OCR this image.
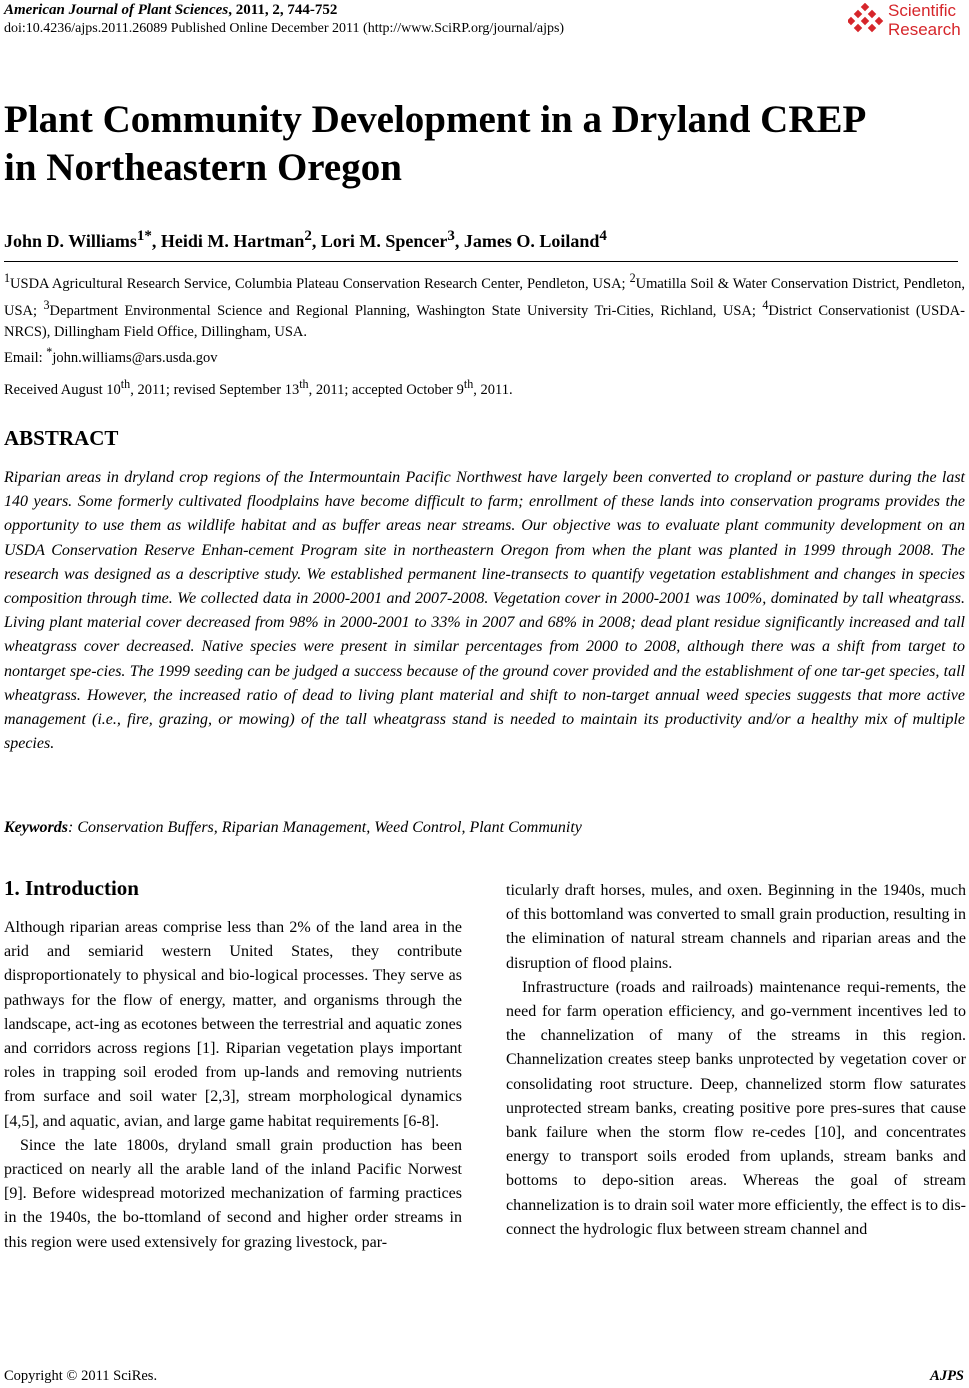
American Journal of Plant Sciences, 2011, 2, 744-752
doi:10.4236/ajps.2011.26089 Published Online December 2011 (http://www.SciRP.org/journal/ajps)
Scientific
Research
Plant Community Development in a Dryland CREP in Northeastern Oregon
John D. Williams$^{1*}$, Heidi M. Hartman$^2$, Lori M. Spencer$^3$, James O. Loiland$^4$
$^1$USDA Agricultural Research Service, Columbia Plateau Conservation Research Center, Pendleton, USA; $^2$Umatilla Soil & Water Conservation District, Pendleton, USA; $^3$Department Environmental Science and Regional Planning, Washington State University Tri-Cities, Richland, USA; $^4$District Conservationist (USDA-NRCS), Dillingham Field Office, Dillingham, USA.
Email: *john.williams@ars.usda.gov
Received August 10th, 2011; revised September 13th, 2011; accepted October 9th, 2011.
ABSTRACT

Riparian areas in dryland crop regions of the Intermountain Pacific Northwest have largely been converted to cropland or pasture during the last 140 years. Some formerly cultivated floodplains have become difficult to farm; enrollment of these lands into conservation programs provides the opportunity to use them as wildlife habitat and as buffer areas near streams. Our objective was to evaluate plant community development on an USDA Conservation Reserve Enhan-cement Program site in northeastern Oregon from when the plant was planted in 1999 through 2008. The research was designed as a descriptive study. We established permanent line-transects to quantify vegetation establishment and changes in species composition through time. We collected data in 2000-2001 and 2007-2008. Vegetation cover in 2000-2001 was 100%, dominated by tall wheatgrass. Living plant material cover decreased from 98% in 2000-2001 to 33% in 2007 and 68% in 2008; dead plant residue significantly increased and tall wheatgrass cover decreased. Native species were present in similar percentages from 2000 to 2008, although there was a shift from target to nontarget spe-cies. The 1999 seeding can be judged a success because of the ground cover provided and the establishment of one tar-get species, tall wheatgrass. However, the increased ratio of dead to living plant material and shift to non-target annual weed species suggests that more active management (i.e., fire, grazing, or mowing) of the tall wheatgrass stand is needed to maintain its productivity and/or a healthy mix of multiple species.

Keywords: Conservation Buffers, Riparian Management, Weed Control, Plant Community
1. Introduction

Although riparian areas comprise less than 2% of the land area in the arid and semiarid western United States, they contribute disproportionately to physical and bio-logical processes. They serve as pathways for the flow of energy, matter, and organisms through the landscape, act-ing as ecotones between the terrestrial and aquatic zones and corridors across regions [1]. Riparian vegetation plays important roles in trapping soil eroded from up-lands and removing nutrients from surface and soil water [2,3], stream morphological dynamics [4,5], and aquatic, avian, and large game habitat requirements [6-8].

Since the late 1800s, dryland small grain production has been practiced on nearly all the arable land of the inland Pacific Norwest [9]. Before widespread motorized mechanization of farming practices in the 1940s, the bo-ttomland of second and higher order streams in this region were used extensively for grazing livestock, par-

ticularly draft horses, mules, and oxen. Beginning in the 1940s, much of this bottomland was converted to small grain production, resulting in the elimination of natural stream channels and riparian areas and the disruption of flood plains.

Infrastructure (roads and railroads) maintenance requi-rements, the need for farm operation efficiency, and go-vernment incentives led to the channelization of many of the streams in this region. Channelization creates steep banks unprotected by vegetation cover or consolidating root structure. Deep, channelized storm flow saturates unprotected stream banks, creating positive pore pres-sures that cause bank failure when the storm flow re-cedes [10], and concentrates energy to transport soils eroded from uplands, stream banks and bottoms to depo-sition areas. Whereas the goal of stream channelization is to drain soil water more efficiently, the effect is to dis-connect the hydrologic flux between stream channel and

Copyright © 2011 SciRes.	AJPS
